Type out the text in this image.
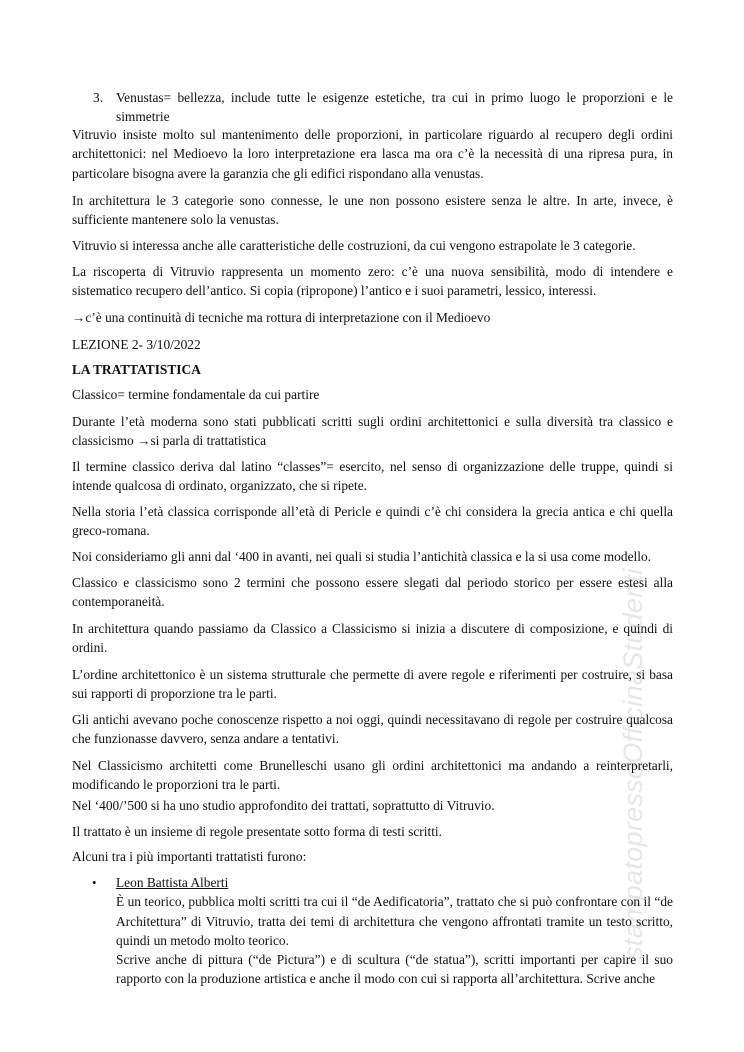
stampatopressoOfficinaStudenti
3. Venustas= bellezza, include tutte le esigenze estetiche, tra cui in primo luogo le proporzioni e le simmetrie
Vitruvio insiste molto sul mantenimento delle proporzioni, in particolare riguardo al recupero degli ordini architettonici: nel Medioevo la loro interpretazione era lasca ma ora c’è la necessità di una ripresa pura, in particolare bisogna avere la garanzia che gli edifici rispondano alla venustas.
In architettura le 3 categorie sono connesse, le une non possono esistere senza le altre. In arte, invece, è sufficiente mantenere solo la venustas.
Vitruvio si interessa anche alle caratteristiche delle costruzioni, da cui vengono estrapolate le 3 categorie.
La riscoperta di Vitruvio rappresenta un momento zero: c’è una nuova sensibilità, modo di intendere e sistematico recupero dell’antico. Si copia (ripropone) l’antico e i suoi parametri, lessico, interessi.
→c’è una continuità di tecniche ma rottura di interpretazione con il Medioevo
LEZIONE 2- 3/10/2022
LA TRATTATISTICA
Classico= termine fondamentale da cui partire
Durante l’età moderna sono stati pubblicati scritti sugli ordini architettonici e sulla diversità tra classico e classicismo →si parla di trattatistica
Il termine classico deriva dal latino “classes”= esercito, nel senso di organizzazione delle truppe, quindi si intende qualcosa di ordinato, organizzato, che si ripete.
Nella storia l’età classica corrisponde all’età di Pericle e quindi c’è chi considera la grecia antica e chi quella greco-romana.
Noi consideriamo gli anni dal ‘400 in avanti, nei quali si studia l’antichità classica e la si usa come modello.
Classico e classicismo sono 2 termini che possono essere slegati dal periodo storico per essere estesi alla contemporaneità.
In architettura quando passiamo da Classico a Classicismo si inizia a discutere di composizione, e quindi di ordini.
L’ordine architettonico è un sistema strutturale che permette di avere regole e riferimenti per costruire, si basa sui rapporti di proporzione tra le parti.
Gli antichi avevano poche conoscenze rispetto a noi oggi, quindi necessitavano di regole per costruire qualcosa che funzionasse davvero, senza andare a tentativi.
Nel Classicismo architetti come Brunelleschi usano gli ordini architettonici ma andando a reinterpretarli, modificando le proporzioni tra le parti.
Nel ‘400/’500 si ha uno studio approfondito dei trattati, soprattutto di Vitruvio.
Il trattato è un insieme di regole presentate sotto forma di testi scritti.
Alcuni tra i più importanti trattatisti furono:
• Leon Battista Alberti
È un teorico, pubblica molti scritti tra cui il “de Aedificatoria”, trattato che si può confrontare con il “de Architettura” di Vitruvio, tratta dei temi di architettura che vengono affrontati tramite un testo scritto, quindi un metodo molto teorico.
Scrive anche di pittura (“de Pictura”) e di scultura (“de statua”), scritti importanti per capire il suo rapporto con la produzione artistica e anche il modo con cui si rapporta all’architettura. Scrive anche
